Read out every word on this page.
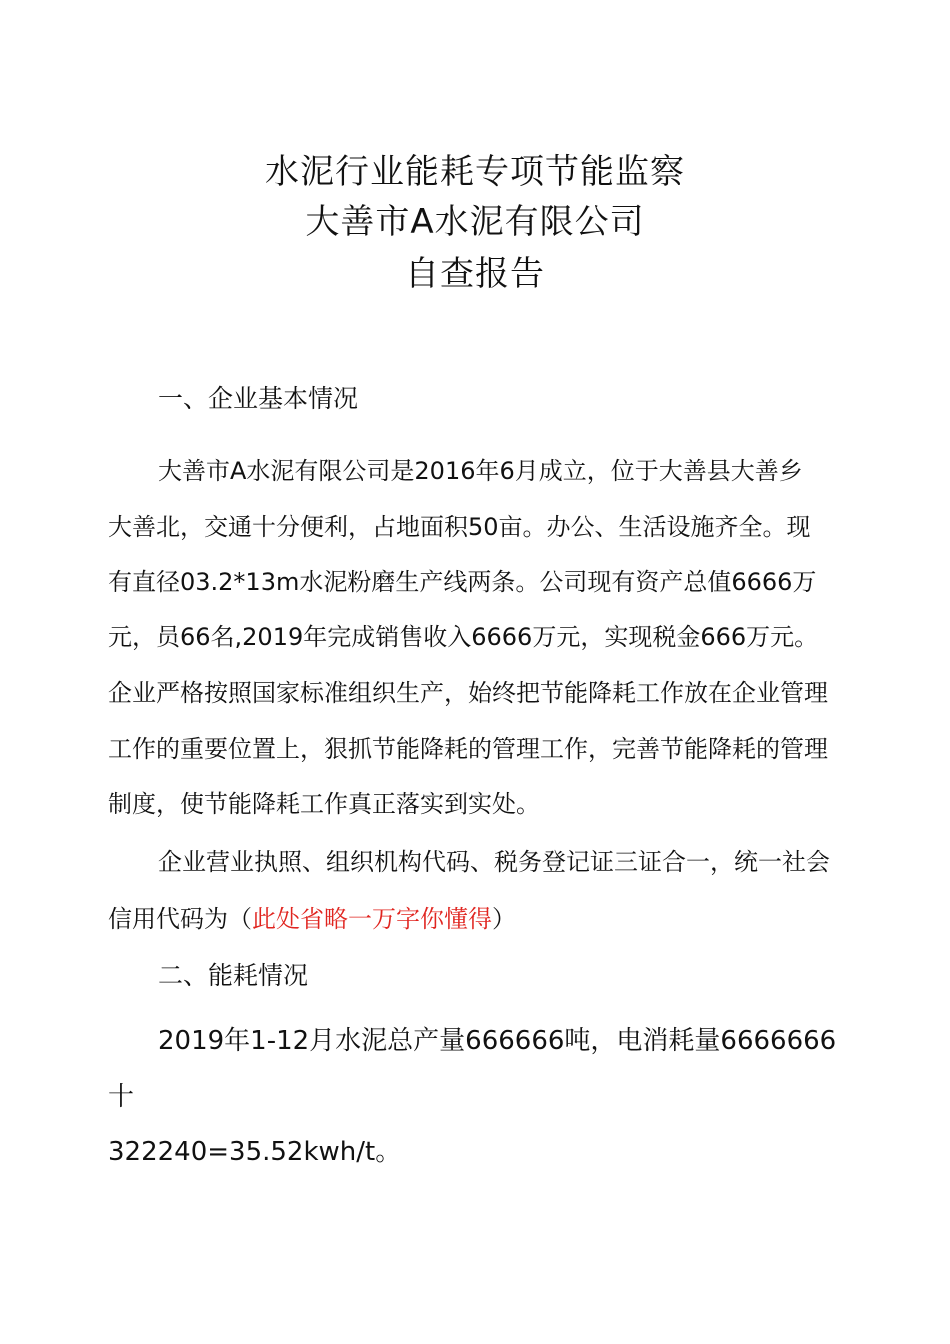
水泥行业能耗专项节能监察
大善市A水泥有限公司
自查报告
一、企业基本情况
大善市A水泥有限公司是2016年6月成立，位于大善县大善乡
大善北，交通十分便利，占地面积50亩。办公、生活设施齐全。现
有直径03.2*13m水泥粉磨生产线两条。公司现有资产总值6666万
元，员66名,2019年完成销售收入6666万元，实现税金666万元。
企业严格按照国家标准组织生产，始终把节能降耗工作放在企业管理
工作的重要位置上，狠抓节能降耗的管理工作，完善节能降耗的管理
制度，使节能降耗工作真正落实到实处。
企业营业执照、组织机构代码、税务登记证三证合一，统一社会
信用代码为（此处省略一万字你懂得）
二、能耗情况
2019年1-12月水泥总产量666666吨，电消耗量6666666
十
322240=35.52kwh/t。
